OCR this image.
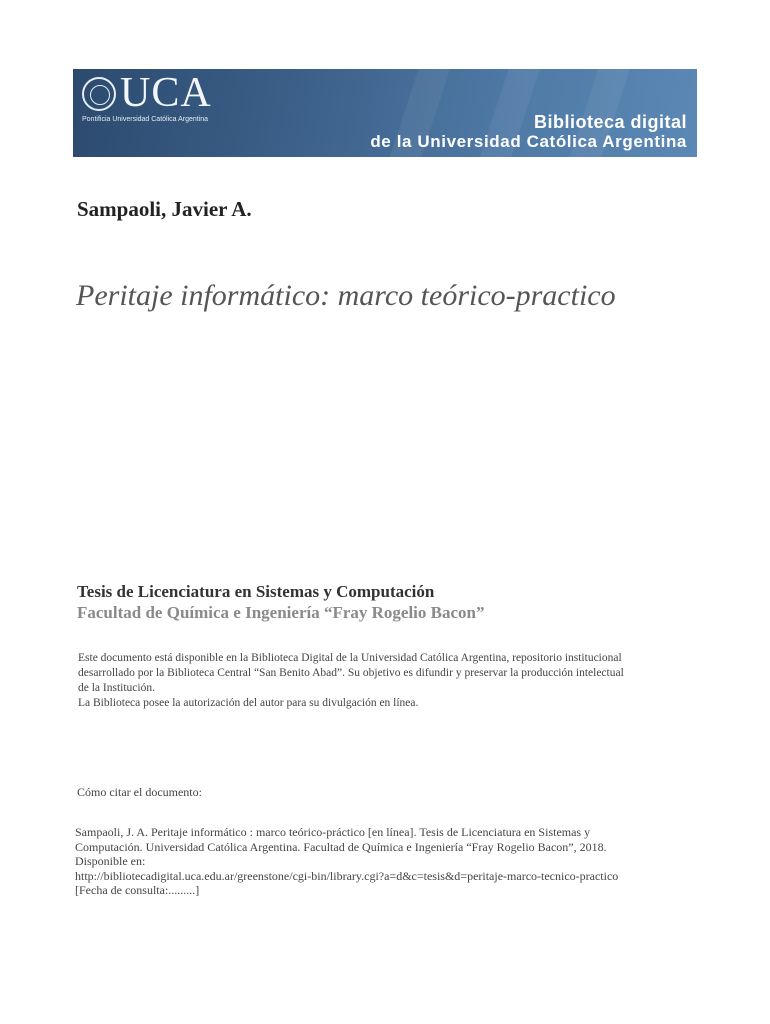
UCA
Pontificia Universidad Católica Argentina	Biblioteca digital
de la Universidad Católica Argentina
Sampaoli, Javier A.
Peritaje informático: marco teórico-practico
Tesis de Licenciatura en Sistemas y Computación
Facultad de Química e Ingeniería “Fray Rogelio Bacon”
Este documento está disponible en la Biblioteca Digital de la Universidad Católica Argentina, repositorio institucional
desarrollado por la Biblioteca Central “San Benito Abad”. Su objetivo es difundir y preservar la producción intelectual
de la Institución.
La Biblioteca posee la autorización del autor para su divulgación en línea.
Cómo citar el documento:
Sampaoli, J. A. Peritaje informático : marco teórico-práctico [en línea]. Tesis de Licenciatura en Sistemas y
Computación. Universidad Católica Argentina. Facultad de Química e Ingeniería “Fray Rogelio Bacon”, 2018.
Disponible en:
http://bibliotecadigital.uca.edu.ar/greenstone/cgi-bin/library.cgi?a=d&c=tesis&d=peritaje-marco-tecnico-practico
[Fecha de consulta:.........]
